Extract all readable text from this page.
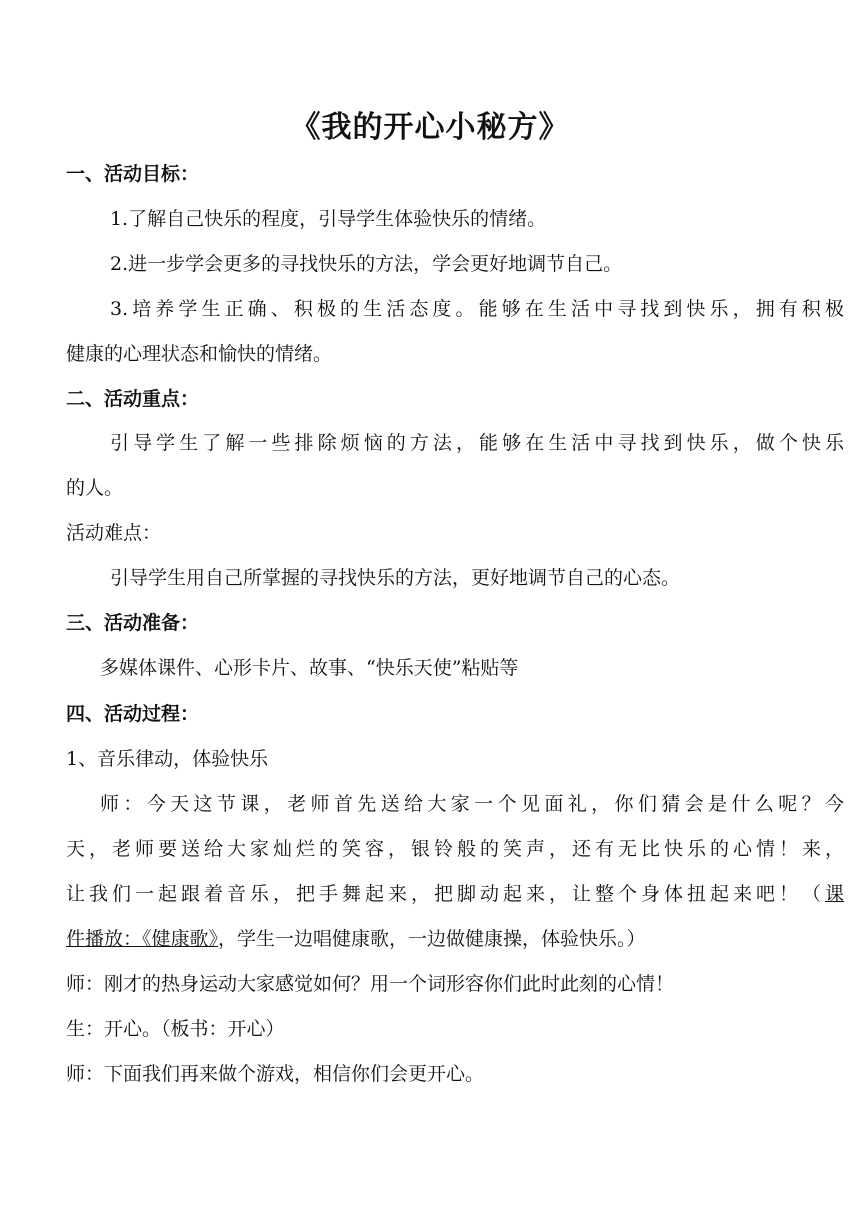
《我的开心小秘方》
一、活动目标：
1.了解自己快乐的程度，引导学生体验快乐的情绪。
2.进一步学会更多的寻找快乐的方法，学会更好地调节自己。
3.培养学生正确、积极的生活态度。能够在生活中寻找到快乐，拥有积极
健康的心理状态和愉快的情绪。
二、活动重点：
引导学生了解一些排除烦恼的方法，能够在生活中寻找到快乐，做个快乐
的人。
活动难点：
引导学生用自己所掌握的寻找快乐的方法，更好地调节自己的心态。
三、活动准备：
多媒体课件、心形卡片、故事、“快乐天使”粘贴等
四、活动过程：
1、音乐律动，体验快乐
师：今天这节课，老师首先送给大家一个见面礼，你们猜会是什么呢？今
天，老师要送给大家灿烂的笑容，银铃般的笑声，还有无比快乐的心情！来，
让我们一起跟着音乐，把手舞起来，把脚动起来，让整个身体扭起来吧！（课
件播放：《健康歌》，学生一边唱健康歌，一边做健康操，体验快乐。）
师：刚才的热身运动大家感觉如何？用一个词形容你们此时此刻的心情！
生：开心。（板书：开心）
师：下面我们再来做个游戏，相信你们会更开心。
